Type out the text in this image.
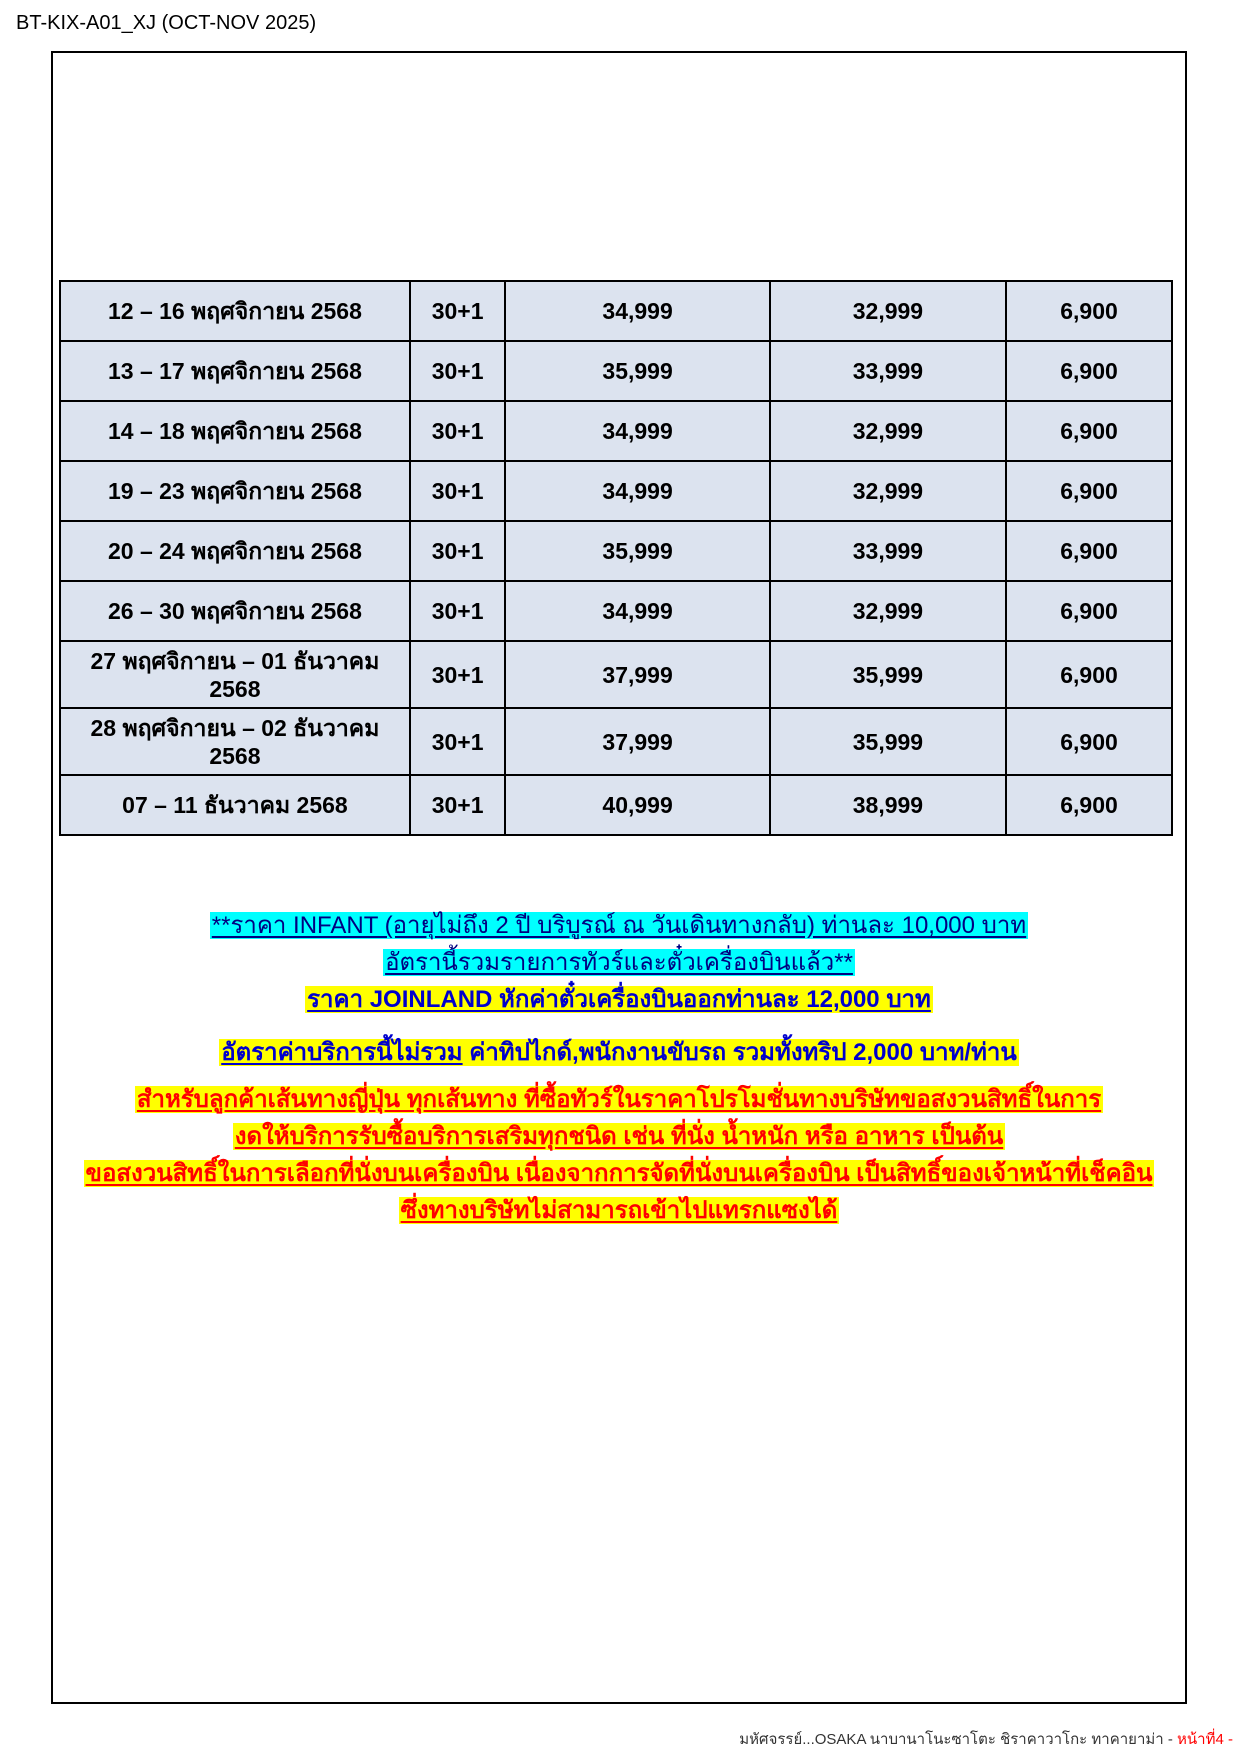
BT-KIX-A01_XJ (OCT-NOV 2025)
12 – 16 พฤศจิกายน 2568	30+1	34,999	32,999	6,900
13 – 17 พฤศจิกายน 2568	30+1	35,999	33,999	6,900
14 – 18 พฤศจิกายน 2568	30+1	34,999	32,999	6,900
19 – 23 พฤศจิกายน 2568	30+1	34,999	32,999	6,900
20 – 24 พฤศจิกายน 2568	30+1	35,999	33,999	6,900
26 – 30 พฤศจิกายน 2568	30+1	34,999	32,999	6,900
27 พฤศจิกายน – 01 ธันวาคม 2568	30+1	37,999	35,999	6,900
28 พฤศจิกายน – 02 ธันวาคม 2568	30+1	37,999	35,999	6,900
07 – 11 ธันวาคม 2568	30+1	40,999	38,999	6,900
**ราคา INFANT (อายุไม่ถึง 2 ปี บริบูรณ์ ณ วันเดินทางกลับ) ท่านละ 10,000 บาท
อัตรานี้รวมรายการทัวร์และตั๋วเครื่องบินแล้ว**
ราคา JOINLAND หักค่าตั๋วเครื่องบินออกท่านละ 12,000 บาท
อัตราค่าบริการนี้ไม่รวม ค่าทิปไกด์,พนักงานขับรถ รวมทั้งทริป 2,000 บาท/ท่าน
สำหรับลูกค้าเส้นทางญี่ปุ่น ทุกเส้นทาง ที่ซื้อทัวร์ในราคาโปรโมชั่นทางบริษัทขอสงวนสิทธิ์ในการ
งดให้บริการรับซื้อบริการเสริมทุกชนิด เช่น ที่นั่ง น้ำหนัก หรือ อาหาร เป็นต้น
ขอสงวนสิทธิ์ในการเลือกที่นั่งบนเครื่องบิน เนื่องจากการจัดที่นั่งบนเครื่องบิน เป็นสิทธิ์ของเจ้าหน้าที่เช็คอิน
ซึ่งทางบริษัทไม่สามารถเข้าไปแทรกแซงได้
มหัศจรรย์...OSAKA นาบานาโนะซาโตะ ชิราคาวาโกะ ทาคายาม่า - หน้าที่4 -
